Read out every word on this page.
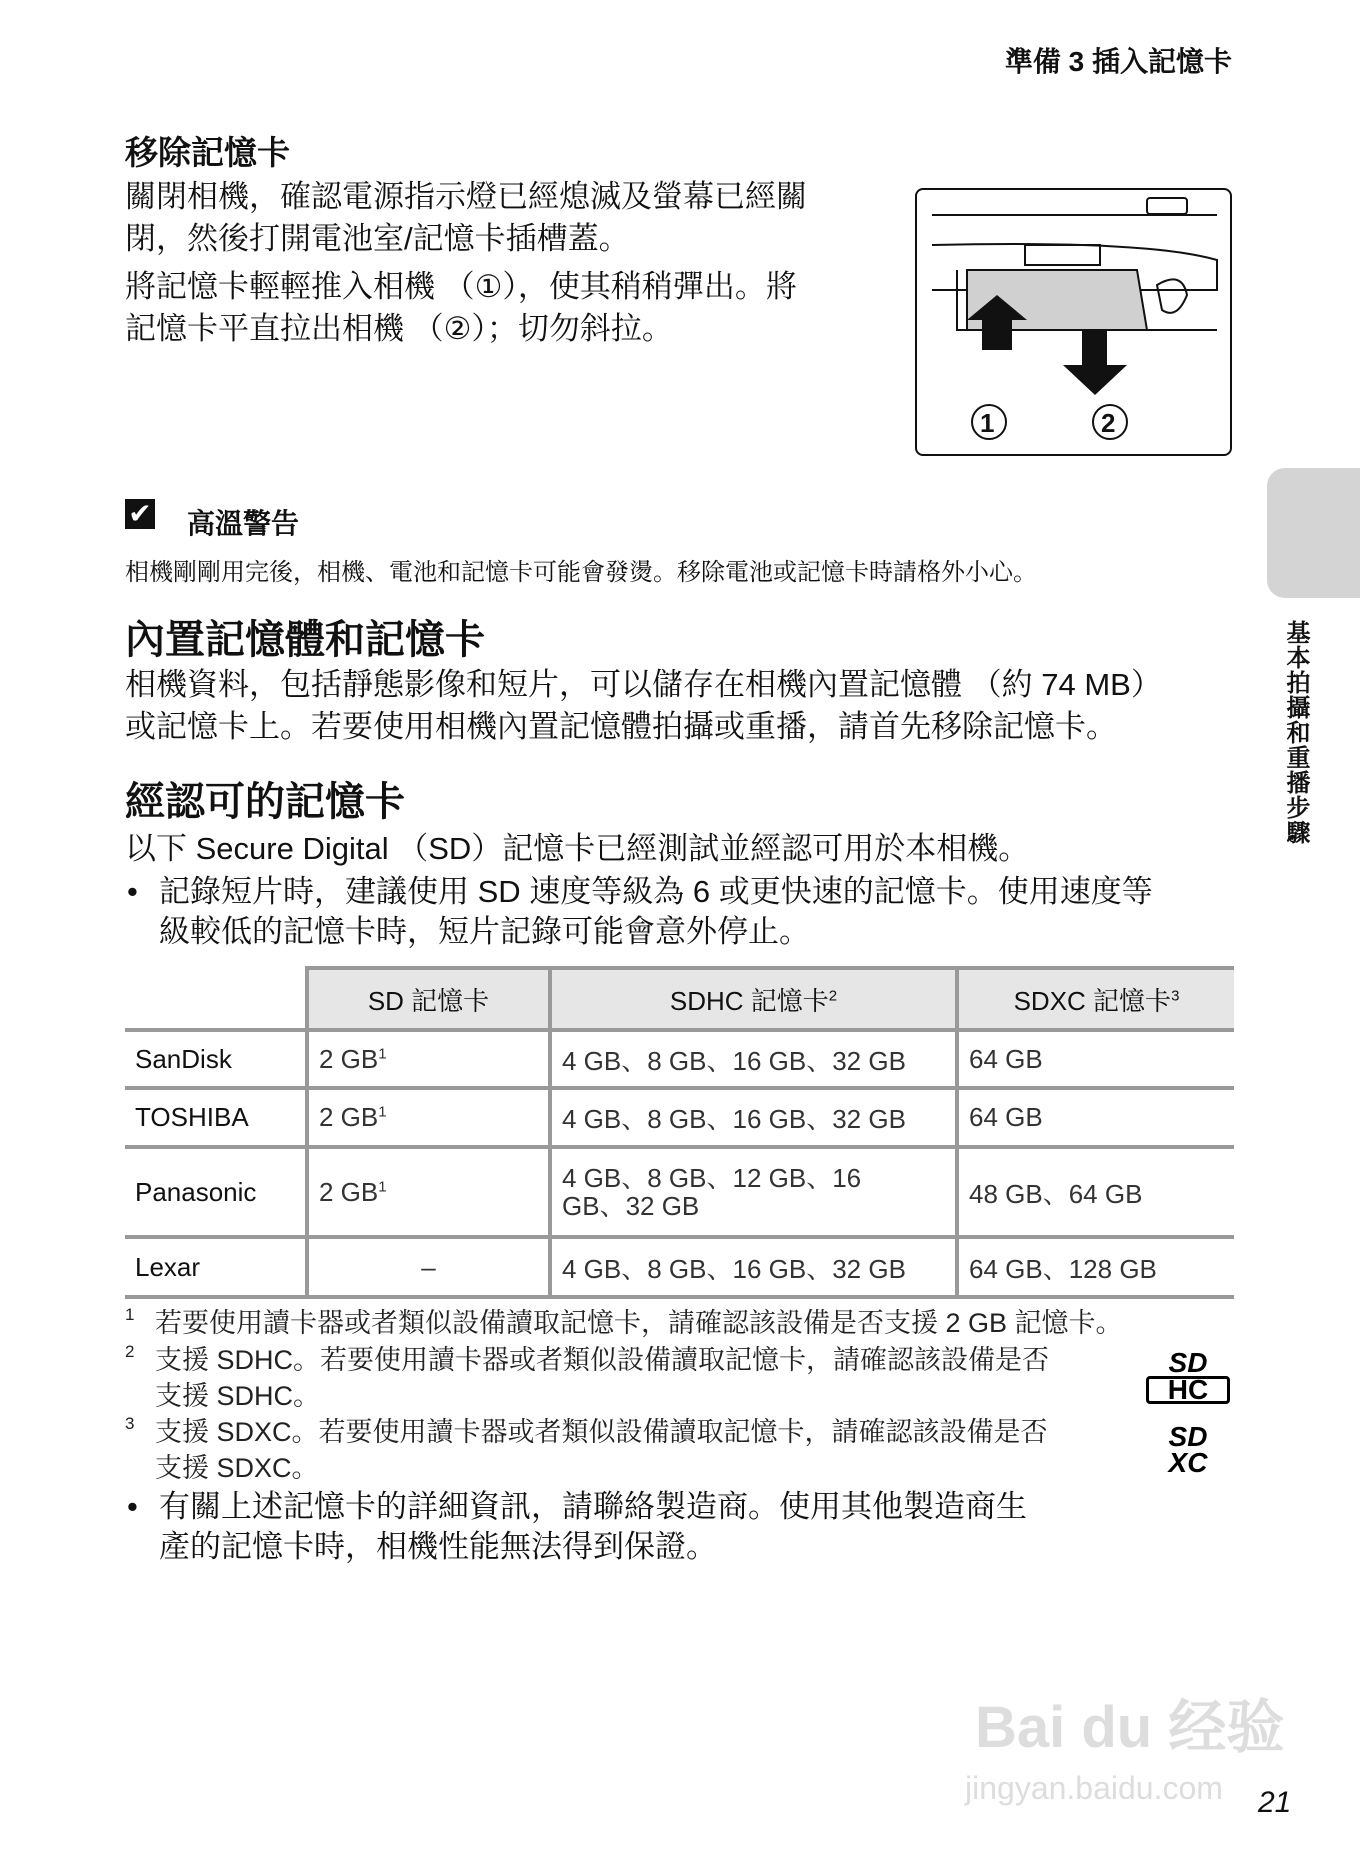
準備 3 插入記憶卡
移除記憶卡
關閉相機，確認電源指示燈已經熄滅及螢幕已經關
閉，然後打開電池室/記憶卡插槽蓋。
將記憶卡輕輕推入相機 （①），使其稍稍彈出。將
記憶卡平直拉出相機 （②）；切勿斜拉。
1	2
✔ 高溫警告
相機剛剛用完後，相機、電池和記憶卡可能會發燙。移除電池或記憶卡時請格外小心。
內置記憶體和記憶卡
相機資料，包括靜態影像和短片，可以儲存在相機內置記憶體 （約 74 MB）
或記憶卡上。若要使用相機內置記憶體拍攝或重播，請首先移除記憶卡。
經認可的記憶卡
以下 Secure Digital （SD）記憶卡已經測試並經認可用於本相機。
• 記錄短片時，建議使用 SD 速度等級為 6 或更快速的記憶卡。使用速度等
級較低的記憶卡時，短片記錄可能會意外停止。
	SD 記憶卡	SDHC 記憶卡$^2$	SDXC 記憶卡$^3$
SanDisk	2 $GB^1$	4 GB、8 GB、16 GB、32 GB	64 GB
TOSHIBA	2 $GB^1$	4 GB、8 GB、16 GB、32 GB	64 GB
Panasonic	2 $GB^1$	4 GB、8 GB、12 GB、16 GB、32 GB	48 GB、64 GB
Lexar	–	4 GB、8 GB、16 GB、32 GB	64 GB、128 GB
1 若要使用讀卡器或者類似設備讀取記憶卡，請確認該設備是否支援 2 GB 記憶卡。
2 支援 SDHC。若要使用讀卡器或者類似設備讀取記憶卡，請確認該設備是否
支援 SDHC。
3 支援 SDXC。若要使用讀卡器或者類似設備讀取記憶卡，請確認該設備是否
支援 SDXC。
SD
HC
SD
XC
• 有關上述記憶卡的詳細資訊，請聯絡製造商。使用其他製造商生
產的記憶卡時，相機性能無法得到保證。
基本拍攝和重播步驟
Bai du 经验
jingyan.baidu.com 21
